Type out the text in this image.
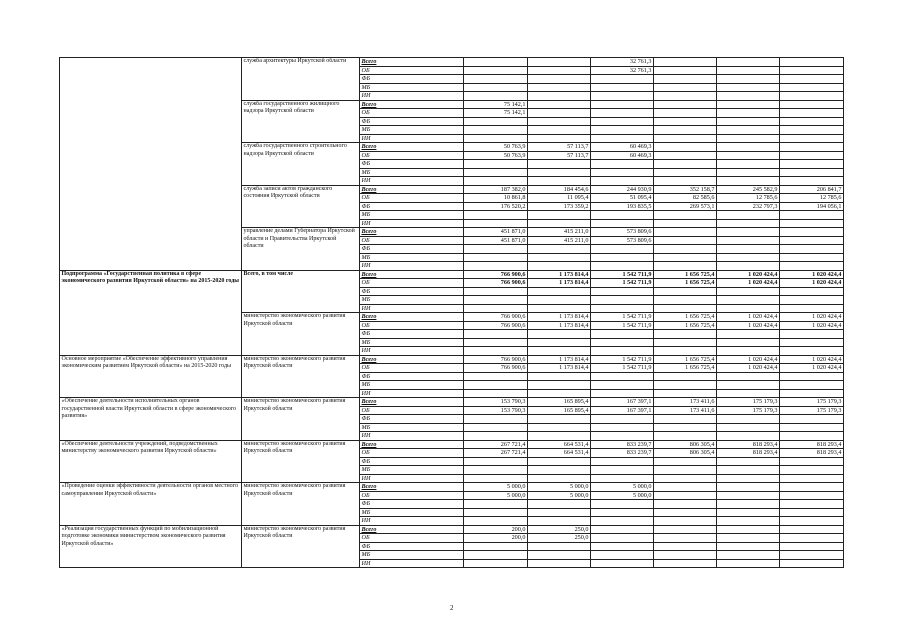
	служба архитектуры Иркутской области	Всего			32 761,3			
		ОБ			32 761,3			
		ФБ						
		МБ						
		ИИ						
	служба государственного жилищного надзора Иркутской области	Всего	75 142,1					
		ОБ	75 142,1					
		ФБ						
		МБ						
		ИИ						
	служба государственного строительного надзора Иркутской области	Всего	50 763,9	57 113,7	60 469,3			
		ОБ	50 763,9	57 113,7	60 469,3			
		ФБ						
		МБ						
		ИИ						
	служба записи актов гражданского состояния Иркутской области	Всего	187 382,0	184 454,6	244 930,9	352 158,7	245 582,9	206 841,7
		ОБ	10 861,8	11 095,4	51 095,4	82 585,6	12 785,6	12 785,6
		ФБ	176 520,2	173 359,2	193 835,5	269 573,1	232 797,3	194 056,1
		МБ						
		ИИ						
	управление делами Губернатора Иркутской области и Правительства Иркутской области	Всего	451 871,0	415 211,0	573 809,6			
		ОБ	451 871,0	415 211,0	573 809,6			
		ФБ						
		МБ						
		ИИ						
Подпрограмма «Государственная политика в сфере экономического развития Иркутской области» на 2015-2020 годы	Всего, в том числе	Всего	766 900,6	1 173 814,4	1 542 711,9	1 656 725,4	1 020 424,4	1 020 424,4
		ОБ	766 900,6	1 173 814,4	1 542 711,9	1 656 725,4	1 020 424,4	1 020 424,4
		ФБ						
		МБ						
		ИИ						
	министерство экономического развития Иркутской области	Всего	766 900,6	1 173 814,4	1 542 711,9	1 656 725,4	1 020 424,4	1 020 424,4
		ОБ	766 900,6	1 173 814,4	1 542 711,9	1 656 725,4	1 020 424,4	1 020 424,4
		ФБ						
		МБ						
		ИИ						
Основное мероприятие «Обеспечение эффективного управления экономическим развитием Иркутской области» на 2015-2020 годы	министерство экономического развития Иркутской области	Всего	766 900,6	1 173 814,4	1 542 711,9	1 656 725,4	1 020 424,4	1 020 424,4
		ОБ	766 900,6	1 173 814,4	1 542 711,9	1 656 725,4	1 020 424,4	1 020 424,4
		ФБ						
		МБ						
		ИИ						
«Обеспечение деятельности исполнительных органов государственной власти Иркутской области в сфере экономического развития»	министерство экономического развития Иркутской области	Всего	153 790,3	165 895,4	167 397,1	173 411,6	175 179,3	175 179,3
		ОБ	153 790,3	165 895,4	167 397,1	173 411,6	175 179,3	175 179,3
		ФБ						
		МБ						
		ИИ						
«Обеспечение деятельности учреждений, подведомственных министерству экономического развития Иркутской области»	министерство экономического развития Иркутской области	Всего	267 721,4	664 531,4	833 239,7	806 305,4	818 293,4	818 293,4
		ОБ	267 721,4	664 531,4	833 239,7	806 305,4	818 293,4	818 293,4
		ФБ						
		МБ						
		ИИ						
«Проведение оценки эффективности деятельности органов местного самоуправления Иркутской области»	министерство экономического развития Иркутской области	Всего	5 000,0	5 000,0	5 000,0			
		ОБ	5 000,0	5 000,0	5 000,0			
		ФБ						
		МБ						
		ИИ						
«Реализация государственных функций по мобилизационной подготовке экономики министерством экономического развития Иркутской области»	министерство экономического развития Иркутской области	Всего	200,0	250,0				
		ОБ	200,0	250,0				
		ФБ						
		МБ						
		ИИ						
2
